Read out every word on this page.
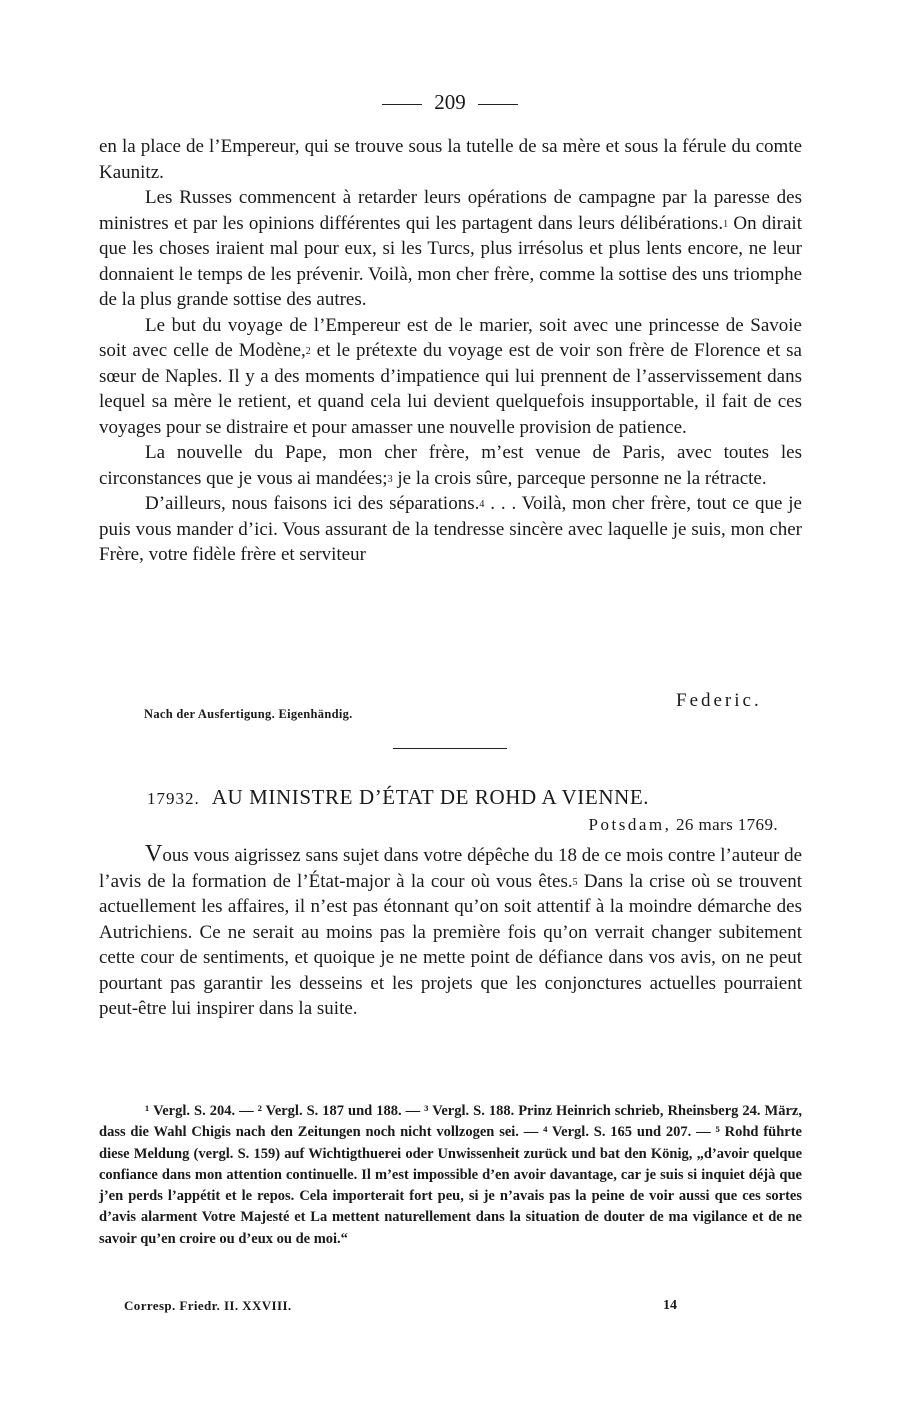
209

en la place de l’Empereur, qui se trouve sous la tutelle de sa mère et sous la férule du comte Kaunitz.

Les Russes commencent à retarder leurs opérations de campagne par la paresse des ministres et par les opinions différentes qui les partagent dans leurs délibérations.$^1$ On dirait que les choses iraient mal pour eux, si les Turcs, plus irrésolus et plus lents encore, ne leur donnaient le temps de les prévenir. Voilà, mon cher frère, comme la sottise des uns triomphe de la plus grande sottise des autres.

Le but du voyage de l’Empereur est de le marier, soit avec une princesse de Savoie soit avec celle de Modène,$^2$ et le prétexte du voyage est de voir son frère de Florence et sa sœur de Naples. Il y a des moments d’impatience qui lui prennent de l’asservissement dans lequel sa mère le retient, et quand cela lui devient quelquefois insupportable, il fait de ces voyages pour se distraire et pour amasser une nouvelle provision de patience.

La nouvelle du Pape, mon cher frère, m’est venue de Paris, avec toutes les circonstances que je vous ai mandées;$^3$ je la crois sûre, parceque personne ne la rétracte.

D’ailleurs, nous faisons ici des séparations.$^4$ . . . Voilà, mon cher frère, tout ce que je puis vous mander d’ici. Vous assurant de la tendresse sincère avec laquelle je suis, mon cher Frère, votre fidèle frère et serviteur

Federic.
Nach der Ausfertigung. Eigenhändig.
17932. AU MINISTRE D’ÉTAT DE ROHD A VIENNE.
Potsdam, 26 mars 1769.

Vous vous aigrissez sans sujet dans votre dépêche du 18 de ce mois contre l’auteur de l’avis de la formation de l’État-major à la cour où vous êtes.$^5$ Dans la crise où se trouvent actuellement les affaires, il n’est pas étonnant qu’on soit attentif à la moindre démarche des Autrichiens. Ce ne serait au moins pas la première fois qu’on verrait changer subitement cette cour de sentiments, et quoique je ne mette point de défiance dans vos avis, on ne peut pourtant pas garantir les desseins et les projets que les conjonctures actuelles pourraient peut-être lui inspirer dans la suite.

¹ Vergl. S. 204. — ² Vergl. S. 187 und 188. — ³ Vergl. S. 188. Prinz Heinrich schrieb, Rheinsberg 24. März, dass die Wahl Chigis nach den Zeitungen noch nicht vollzogen sei. — ⁴ Vergl. S. 165 und 207. — ⁵ Rohd führte diese Meldung (vergl. S. 159) auf Wichtigthuerei oder Unwissenheit zurück und bat den König, „d’avoir quelque confiance dans mon attention continuelle. Il m’est impossible d’en avoir davantage, car je suis si inquiet déjà que j’en perds l’appétit et le repos. Cela importerait fort peu, si je n’avais pas la peine de voir aussi que ces sortes d’avis alarment Votre Majesté et La mettent naturellement dans la situation de douter de ma vigilance et de ne savoir qu’en croire ou d’eux ou de moi.“

Corresp. Friedr. II. XXVIII.	14
